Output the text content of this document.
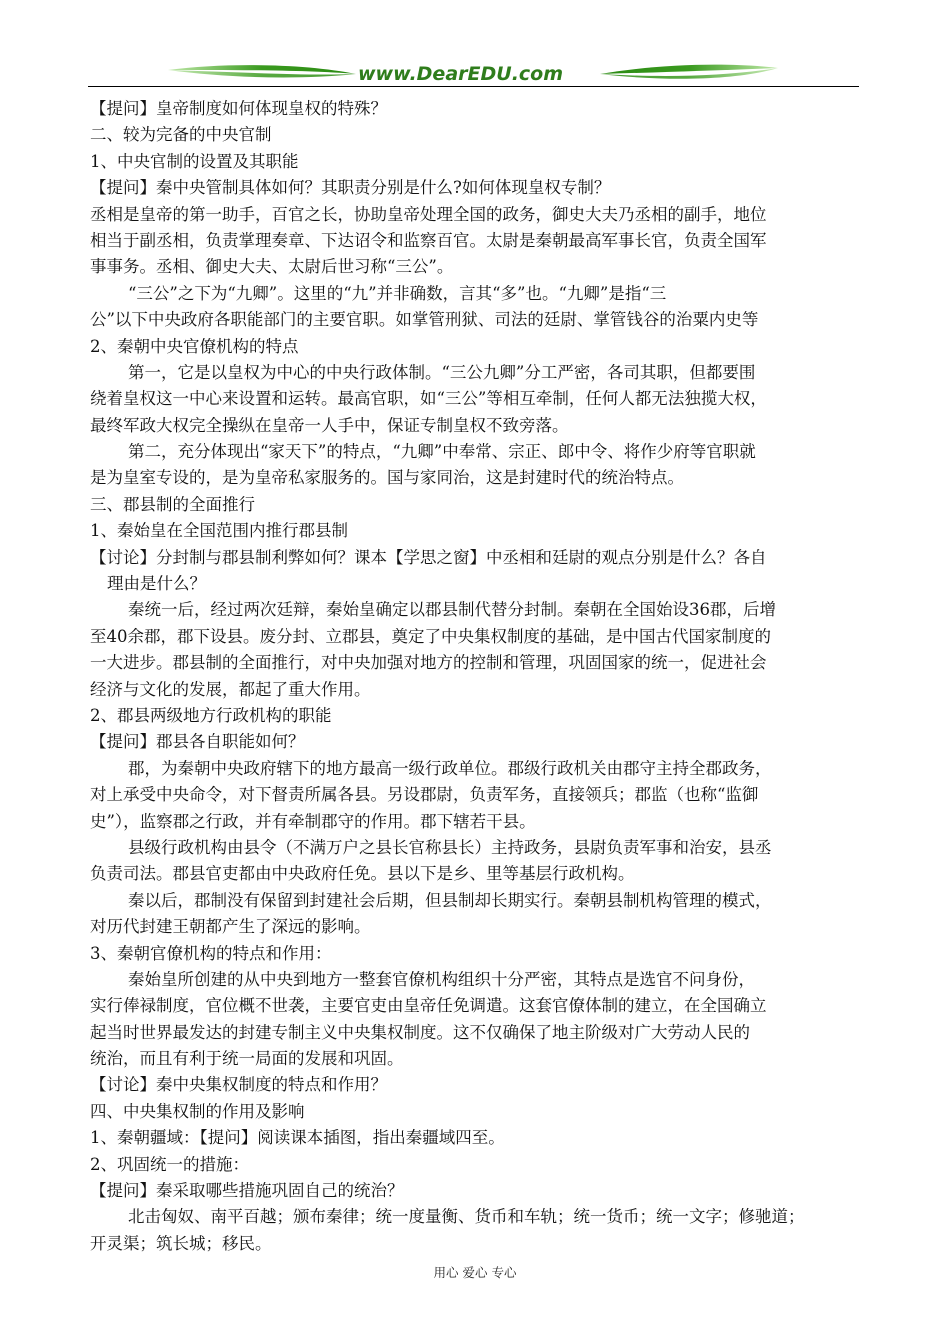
www.DearEDU.com
【提问】皇帝制度如何体现皇权的特殊？
二、较为完备的中央官制
1、中央官制的设置及其职能
【提问】秦中央管制具体如何？其职责分别是什么?如何体现皇权专制？
丞相是皇帝的第一助手，百官之长，协助皇帝处理全国的政务，御史大夫乃丞相的副手，地位
相当于副丞相，负责掌理奏章、下达诏令和监察百官。太尉是秦朝最高军事长官，负责全国军
事事务。丞相、御史大夫、太尉后世习称“三公”。
“三公”之下为“九卿”。这里的“九”并非确数，言其“多”也。“九卿”是指“三
公”以下中央政府各职能部门的主要官职。如掌管刑狱、司法的廷尉、掌管钱谷的治粟内史等
2、秦朝中央官僚机构的特点
第一，它是以皇权为中心的中央行政体制。“三公九卿”分工严密，各司其职，但都要围
绕着皇权这一中心来设置和运转。最高官职，如“三公”等相互牵制，任何人都无法独揽大权，
最终军政大权完全操纵在皇帝一人手中，保证专制皇权不致旁落。
第二，充分体现出“家天下”的特点，“九卿”中奉常、宗正、郎中令、将作少府等官职就
是为皇室专设的，是为皇帝私家服务的。国与家同治，这是封建时代的统治特点。
三、郡县制的全面推行
1、秦始皇在全国范围内推行郡县制
【讨论】分封制与郡县制利弊如何？课本【学思之窗】中丞相和廷尉的观点分别是什么？各自
理由是什么？
秦统一后，经过两次廷辩，秦始皇确定以郡县制代替分封制。秦朝在全国始设36郡，后增
至40余郡，郡下设县。废分封、立郡县，奠定了中央集权制度的基础，是中国古代国家制度的
一大进步。郡县制的全面推行，对中央加强对地方的控制和管理，巩固国家的统一，促进社会
经济与文化的发展，都起了重大作用。
2、郡县两级地方行政机构的职能
【提问】郡县各自职能如何？
郡，为秦朝中央政府辖下的地方最高一级行政单位。郡级行政机关由郡守主持全郡政务，
对上承受中央命令，对下督责所属各县。另设郡尉，负责军务，直接领兵；郡监（也称“监御
史”），监察郡之行政，并有牵制郡守的作用。郡下辖若干县。
县级行政机构由县令（不满万户之县长官称县长）主持政务，县尉负责军事和治安，县丞
负责司法。郡县官吏都由中央政府任免。县以下是乡、里等基层行政机构。
秦以后，郡制没有保留到封建社会后期，但县制却长期实行。秦朝县制机构管理的模式，
对历代封建王朝都产生了深远的影响。
3、秦朝官僚机构的特点和作用：
秦始皇所创建的从中央到地方一整套官僚机构组织十分严密，其特点是选官不问身份，
实行俸禄制度，官位概不世袭，主要官吏由皇帝任免调遣。这套官僚体制的建立，在全国确立
起当时世界最发达的封建专制主义中央集权制度。这不仅确保了地主阶级对广大劳动人民的
统治，而且有利于统一局面的发展和巩固。
【讨论】秦中央集权制度的特点和作用？
四、中央集权制的作用及影响
1、秦朝疆域：【提问】阅读课本插图，指出秦疆域四至。
2、巩固统一的措施：
【提问】秦采取哪些措施巩固自己的统治？
北击匈奴、南平百越；颁布秦律；统一度量衡、货币和车轨；统一货币；统一文字；修驰道；
开灵渠；筑长城；移民。
用心 爱心 专心
